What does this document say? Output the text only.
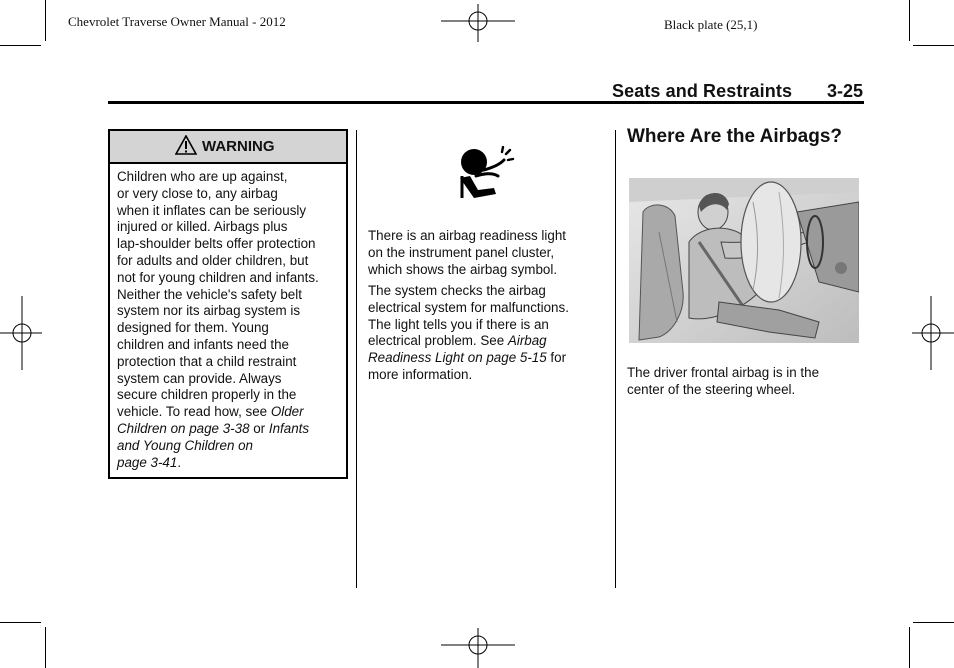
Chevrolet Traverse Owner Manual - 2012	Black plate (25,1)
Seats and Restraints 3-25
WARNING

Children who are up against,

or very close to, any airbag

when it inflates can be seriously

injured or killed. Airbags plus

lap-shoulder belts offer protection

for adults and older children, but

not for young children and infants.

Neither the vehicle's safety belt

system nor its airbag system is

designed for them. Young

children and infants need the

protection that a child restraint

system can provide. Always

secure children properly in the

vehicle. To read how, see Older

Children on page 3-38 or Infants

and Young Children on

page 3-41.

There is an airbag readiness light

on the instrument panel cluster,

which shows the airbag symbol.

The system checks the airbag

electrical system for malfunctions.

The light tells you if there is an

electrical problem. See Airbag

Readiness Light on page 5-15 for

more information.

Where Are the Airbags?

The driver frontal airbag is in the

center of the steering wheel.
